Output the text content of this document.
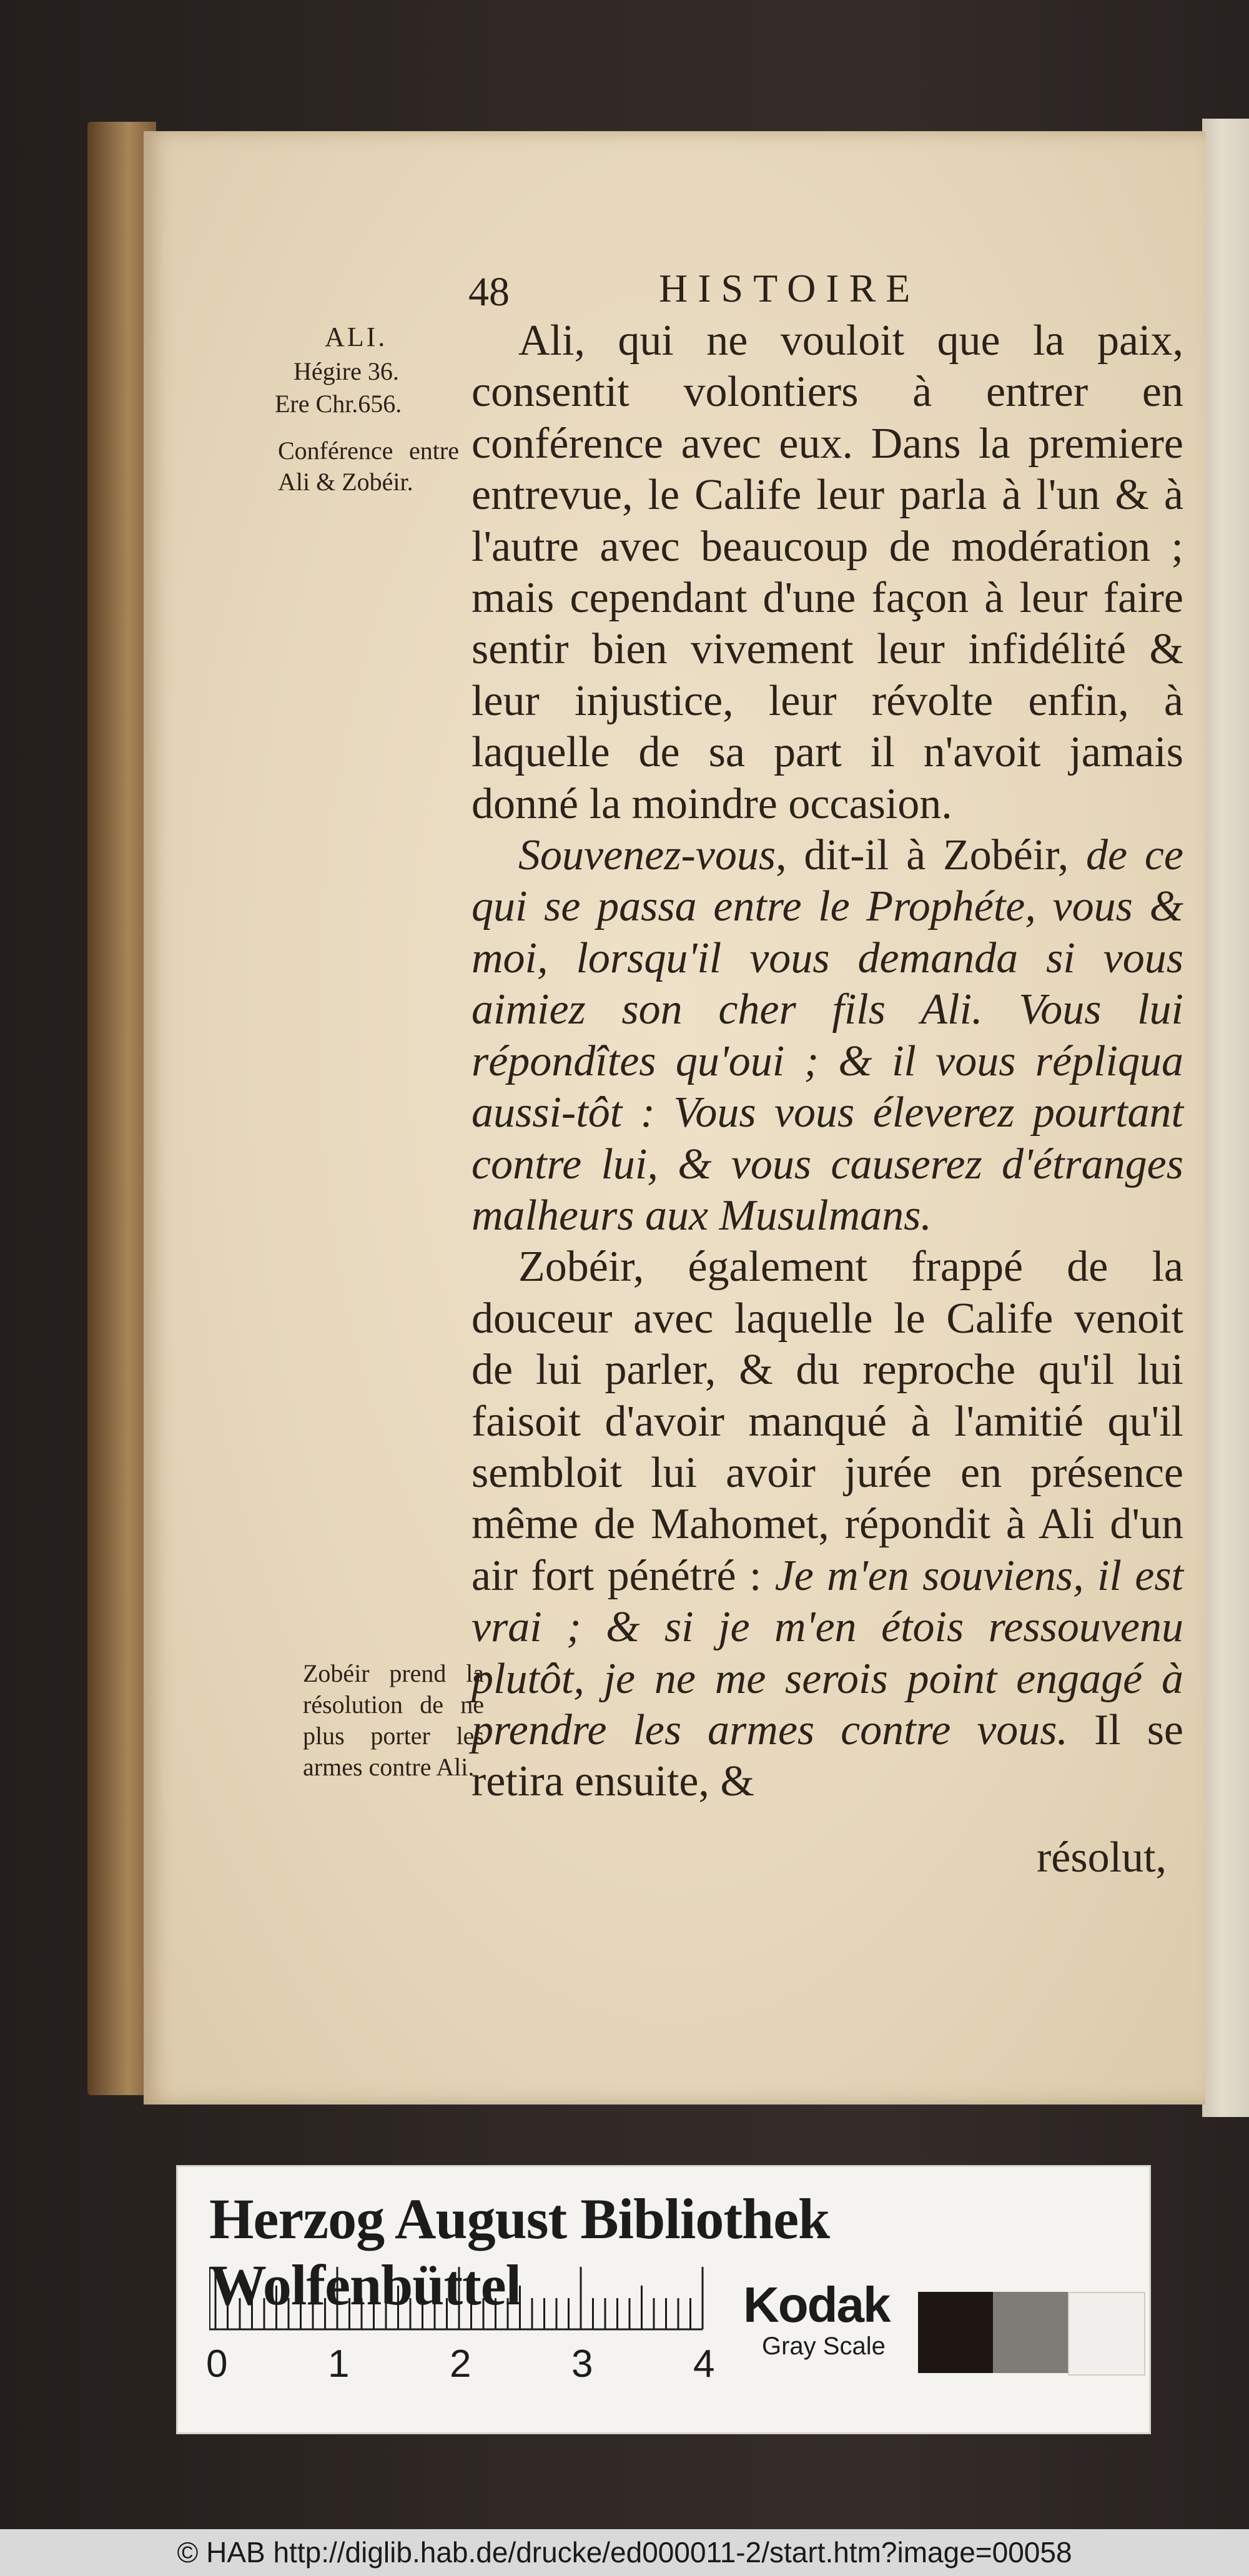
48	HISTOIRE
ALI.
Hégire 36.
Ere Chr.656.
Conférence entre Ali & Zobéir.
Zobéir prend la résolution de ne plus porter les armes contre Ali.

Ali, qui ne vouloit que la paix, consentit volontiers à entrer en conférence avec eux. Dans la premiere entrevue, le Calife leur parla à l'un & à l'autre avec beaucoup de modération ; mais cependant d'une façon à leur faire sentir bien vivement leur infidélité & leur injustice, leur révolte enfin, à laquelle de sa part il n'avoit jamais donné la moindre occasion.

Souvenez-vous, dit-il à Zobéir, de ce qui se passa entre le Prophéte, vous & moi, lorsqu'il vous demanda si vous aimiez son cher fils Ali. Vous lui répondîtes qu'oui ; & il vous répliqua aussi-tôt : Vous vous éleverez pourtant contre lui, & vous causerez d'étranges malheurs aux Musulmans.

Zobéir, également frappé de la douceur avec laquelle le Calife venoit de lui parler, & du reproche qu'il lui faisoit d'avoir manqué à l'amitié qu'il sembloit lui avoir jurée en présence même de Mahomet, répondit à Ali d'un air fort pénétré : Je m'en souviens, il est vrai ; & si je m'en étois ressouvenu plutôt, je ne me serois point engagé à prendre les armes contre vous. Il se retira ensuite, &

résolut,
Herzog August Bibliothek Wolfenbüttel
0	1	2	3	4
Kodak
Gray Scale
© HAB http://diglib.hab.de/drucke/ed000011-2/start.htm?image=00058
